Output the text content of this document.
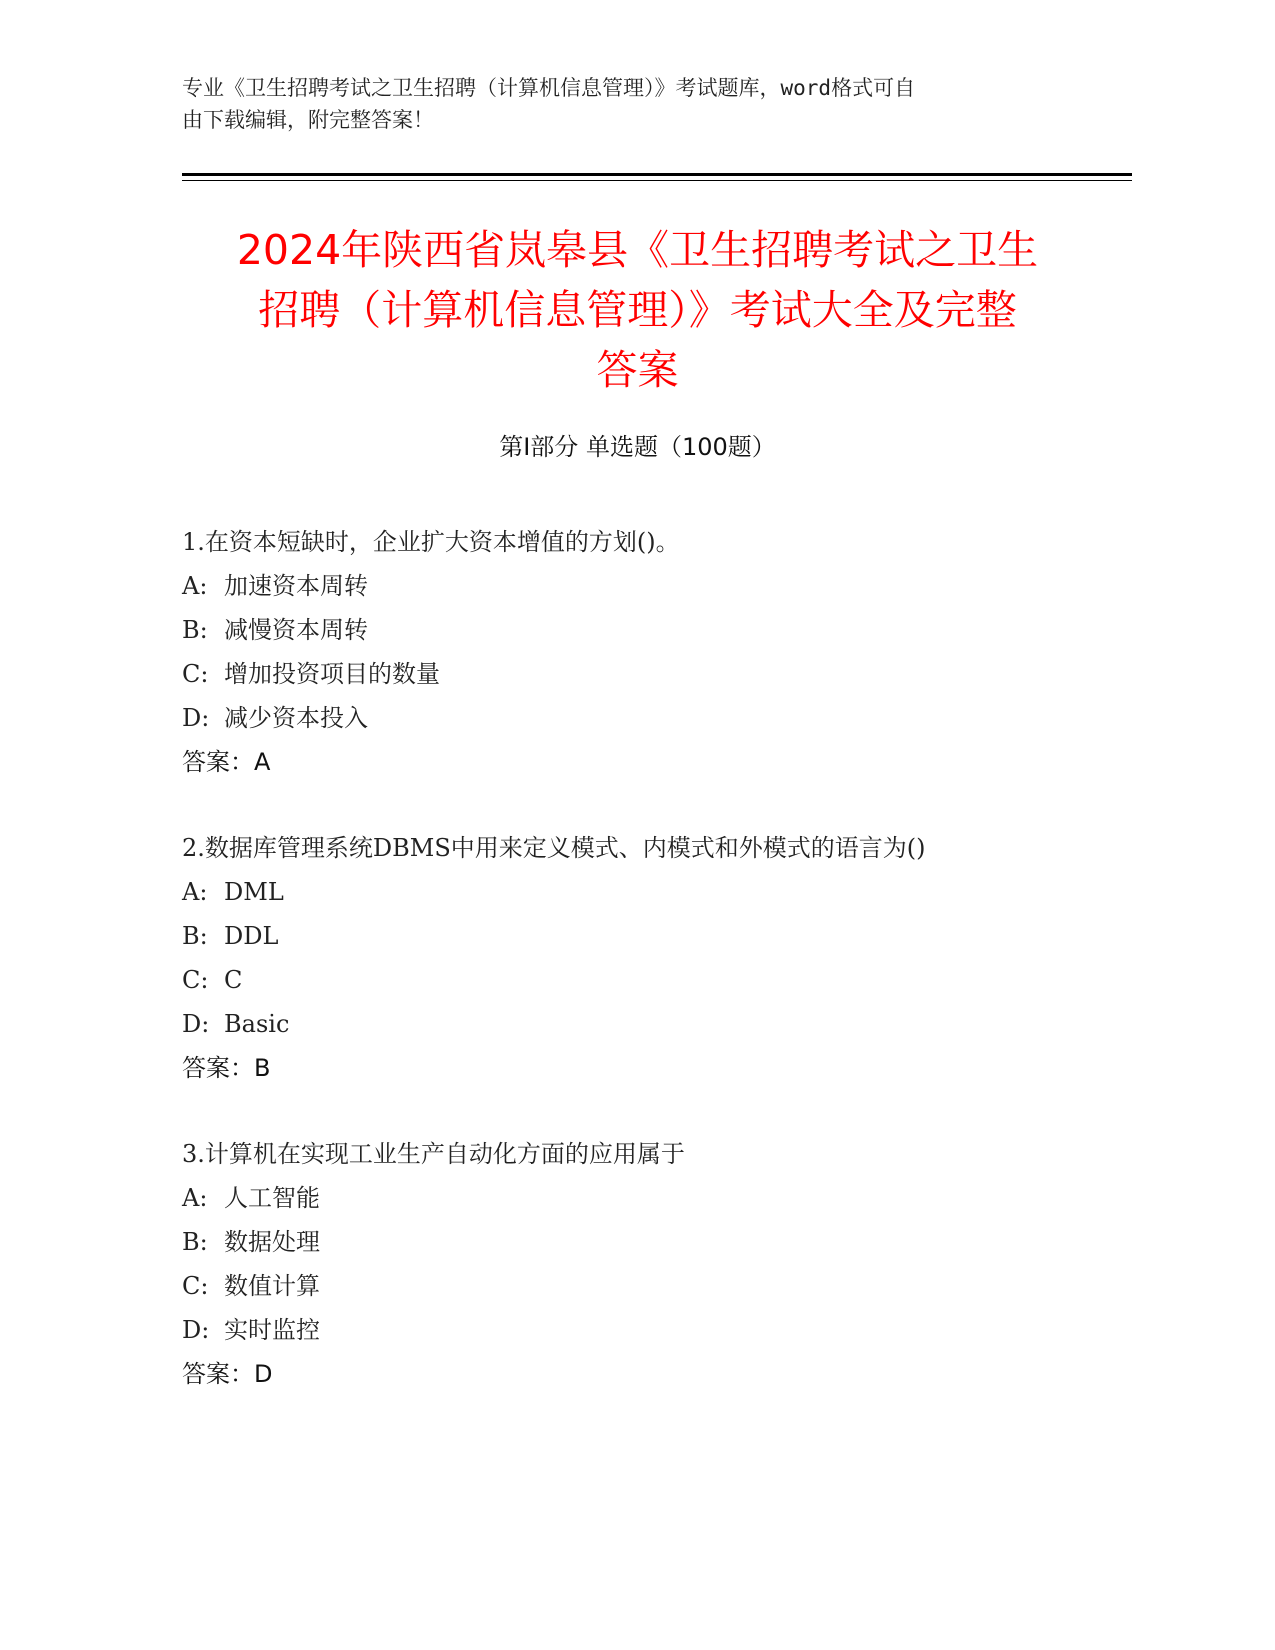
专业《卫生招聘考试之卫生招聘（计算机信息管理）》考试题库，word格式可自
由下载编辑，附完整答案！
2024年陕西省岚皋县《卫生招聘考试之卫生
招聘（计算机信息管理）》考试大全及完整
答案
第Ⅰ部分 单选题（100题）
1.在资本短缺时，企业扩大资本增值的方划()。
A: 加速资本周转
B: 减慢资本周转
C: 增加投资项目的数量
D: 减少资本投入
答案：A
2.数据库管理系统DBMS中用来定义模式、内模式和外模式的语言为()
A: DML
B: DDL
C: C
D: Basic
答案：B
3.计算机在实现工业生产自动化方面的应用属于
A: 人工智能
B: 数据处理
C: 数值计算
D: 实时监控
答案：D
